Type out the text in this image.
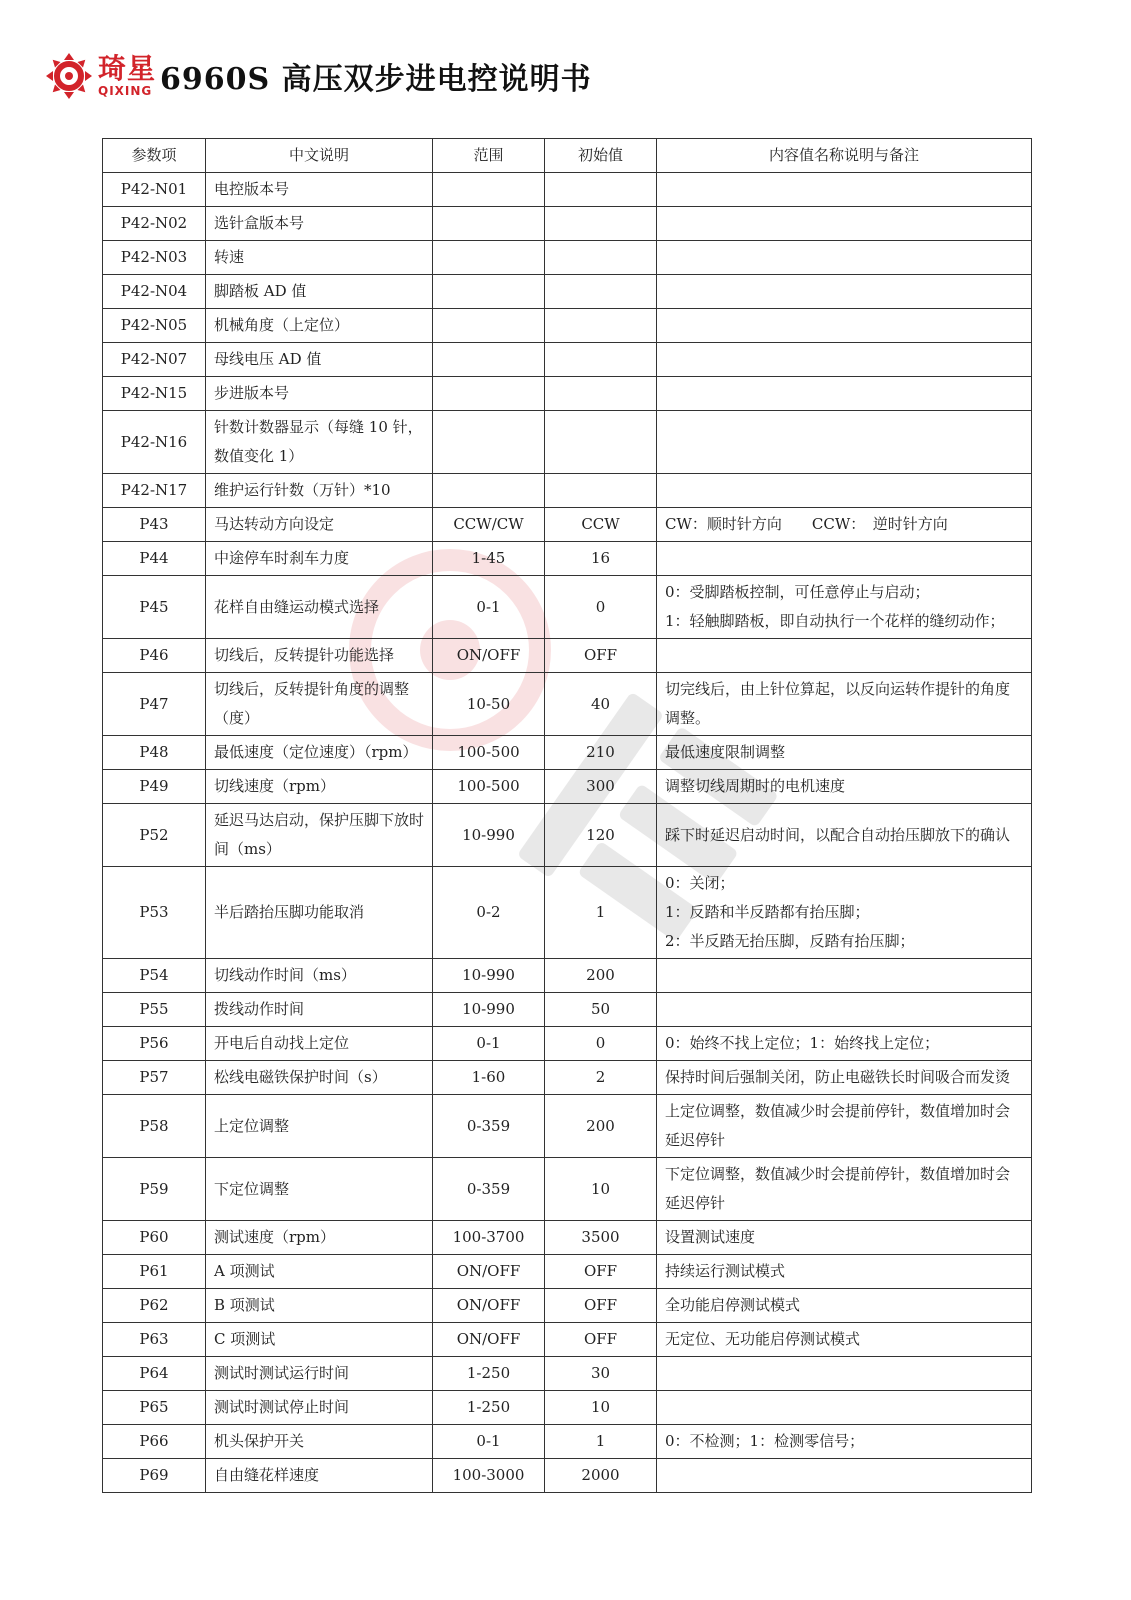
琦星
QIXING 6960S 高压双步进电控说明书
参数项	中文说明	范围	初始值	内容值名称说明与备注
P42-N01	电控版本号			
P42-N02	选针盒版本号			
P42-N03	转速			
P42-N04	脚踏板 AD 值			
P42-N05	机械角度（上定位）			
P42-N07	母线电压 AD 值			
P42-N15	步进版本号			
P42-N16	针数计数器显示（每缝 10 针，数值变化 1）			
P42-N17	维护运行针数（万针）*10			
P43	马达转动方向设定	CCW/CW	CCW	CW：顺时针方向　　CCW：　逆时针方向

P44	中途停车时刹车力度	1-45	16	
P45	花样自由缝运动模式选择	0-1	0	0：受脚踏板控制，可任意停止与启动；
1：轻触脚踏板，即自动执行一个花样的缝纫动作；

P46	切线后，反转提针功能选择	ON/OFF	OFF	
P47	切线后，反转提针角度的调整（度）	10-50	40	切完线后，由上针位算起，以反向运转作提针的角度调整。

P48	最低速度（定位速度）（rpm）	100-500	210	最低速度限制调整

P49	切线速度（rpm）	100-500	300	调整切线周期时的电机速度

P52	延迟马达启动，保护压脚下放时间（ms）	10-990	120	踩下时延迟启动时间，以配合自动抬压脚放下的确认

P53	半后踏抬压脚功能取消	0-2	1	0：关闭；
1：反踏和半反踏都有抬压脚；
2：半反踏无抬压脚，反踏有抬压脚；

P54	切线动作时间（ms）	10-990	200	
P55	拨线动作时间	10-990	50	
P56	开电后自动找上定位	0-1	0	0：始终不找上定位；1：始终找上定位；

P57	松线电磁铁保护时间（s）	1-60	2	保持时间后强制关闭，防止电磁铁长时间吸合而发烫

P58	上定位调整	0-359	200	上定位调整，数值减少时会提前停针，数值增加时会延迟停针

P59	下定位调整	0-359	10	下定位调整，数值减少时会提前停针，数值增加时会延迟停针

P60	测试速度（rpm）	100-3700	3500	设置测试速度

P61	A 项测试	ON/OFF	OFF	持续运行测试模式

P62	B 项测试	ON/OFF	OFF	全功能启停测试模式

P63	C 项测试	ON/OFF	OFF	无定位、无功能启停测试模式

P64	测试时测试运行时间	1-250	30	
P65	测试时测试停止时间	1-250	10	
P66	机头保护开关	0-1	1	0：不检测；1：检测零信号；

P69	自由缝花样速度	100-3000	2000	
